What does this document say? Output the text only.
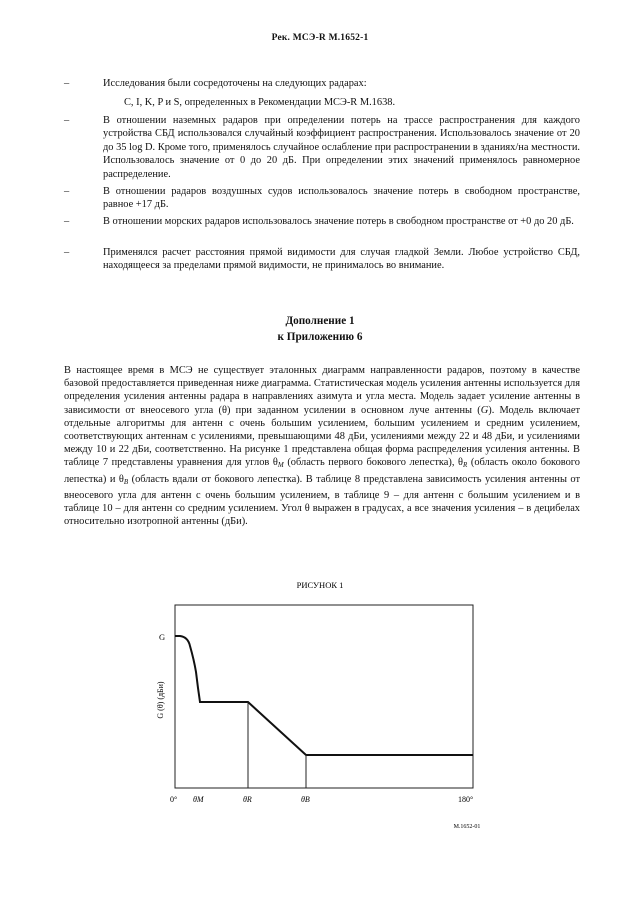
Рек. МСЭ-R M.1652-1
–	Исследования были сосредоточены на следующих радарах:
С, I, K, P и S, определенных в Рекомендации МСЭ-R M.1638.
–	В отношении наземных радаров при определении потерь на трассе распространения для каждого устройства СБД использовался случайный коэффициент распространения. Использовалось значение от 20 до 35 log D. Кроме того, применялось случайное ослабление при распространении в зданиях/на местности. Использовалось значение от 0 до 20 дБ. При определении этих значений применялось равномерное распределение.
–	В отношении радаров воздушных судов использовалось значение потерь в свободном пространстве, равное +17 дБ.
–	В отношении морских радаров использовалось значение потерь в свободном пространстве от +0 до 20 дБ.
–	Применялся расчет расстояния прямой видимости для случая гладкой Земли. Любое устройство СБД, находящееся за пределами прямой видимости, не принималось во внимание.
Дополнение 1
к Приложению 6
В настоящее время в МСЭ не существует эталонных диаграмм направленности радаров, поэтому в качестве базовой предоставляется приведенная ниже диаграмма. Статистическая модель усиления антенны используется для определения усиления антенны радара в направлениях азимута и угла места. Модель задает усиление антенны в зависимости от внеосевого угла (θ) при заданном усилении в основном луче антенны (G). Модель включает отдельные алгоритмы для антенн с очень большим усилением, большим усилением и средним усилением, соответствующих антеннам с усилениями, превышающими 48 дБи, усилениями между 22 и 48 дБи, и усилениями между 10 и 22 дБи, соответственно. На рисунке 1 представлена общая форма распределения усиления антенны. В таблице 7 представлены уравнения для углов $\theta_M$ (область первого бокового лепестка), $\theta_R$ (область около бокового лепестка) и $\theta_B$ (область вдали от бокового лепестка). В таблице 8 представлена зависимость усиления антенны от внеосевого угла для антенн с очень большим усилением, в таблице 9 – для антенн с большим усилением и в таблице 10 – для антенн со средним усилением. Угол θ выражен в градусах, а все значения усиления – в децибелах относительно изотропной антенны (дБи).
РИСУНОК 1
G
G (θ) (дБи)
0° θM	θR	θB	180°
M.1652-01
